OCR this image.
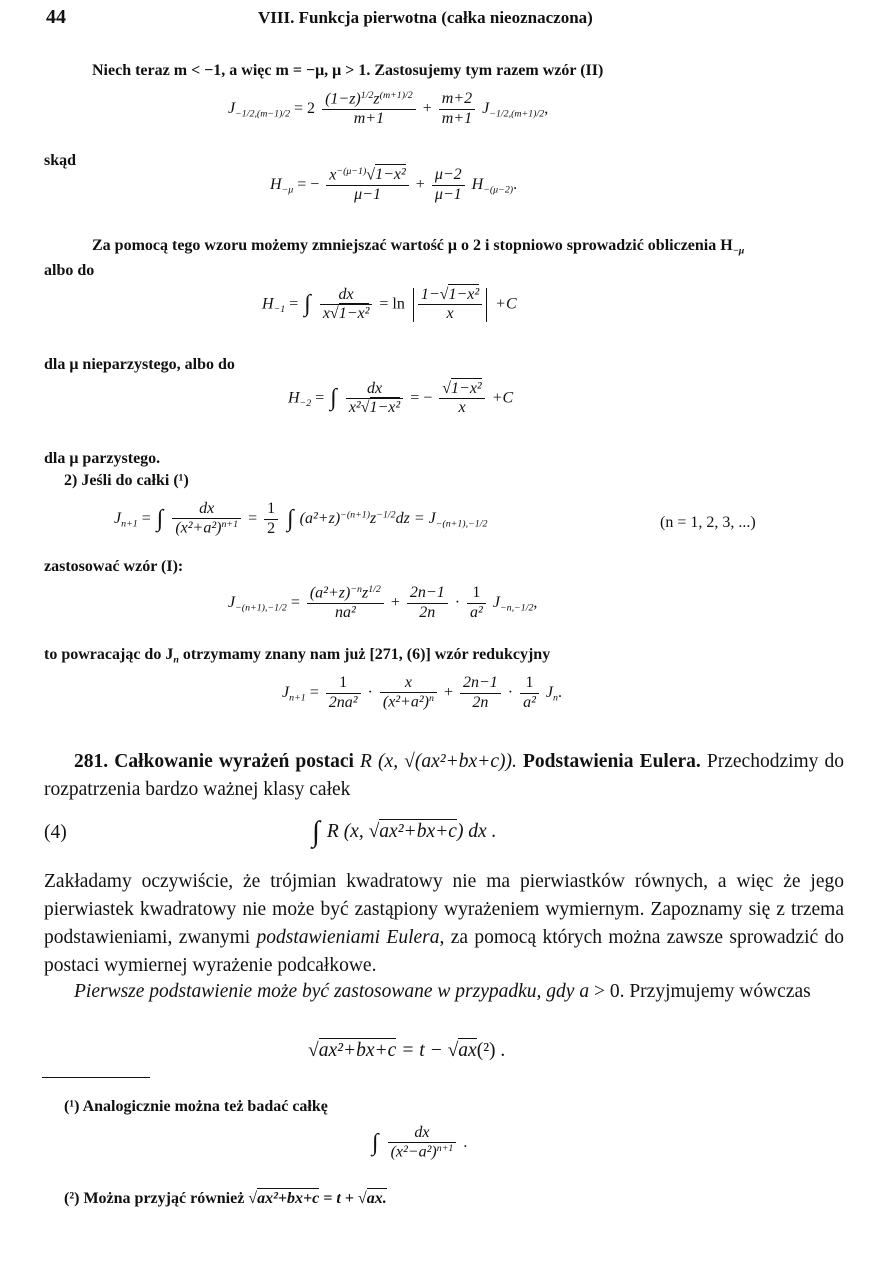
44	VIII. Funkcja pierwotna (całka nieoznaczona)
Niech teraz m < −1, a więc m = −μ, μ > 1. Zastosujemy tym razem wzór (II)
$J_{-1/2,(m-1)/2} = 2 \frac{(1-z)^{1/2}z^{(m+1)/2}}{m+1} + \frac{m+2}{m+1} J_{-1/2,(m+1)/2}$,
skąd
$H_{-\mu}$ = − $\frac{x^{-(\mu-1)}√1-x^2}{\mu-1} + \frac{\mu-2}{\mu-1} H_{-(\mu-2)}$.
Za pomocą tego wzoru możemy zmniejszać wartość μ o 2 i stopniowo sprowadzić obliczenia $H_{-\mu}$
albo do
$H_{-1}$ = ∫ $\frac{dx}{\text{x√1−x²}} = \ln \frac{\text{1−√1−x²}}{x} +C$
dla μ nieparzystego, albo do
$H_{-2}$ = ∫ $\frac{dx}{\text{x²√1−x²}}$ = − $\frac{\text{√1−x²}}{x} +C$
dla μ parzystego.
2) Jeśli do całki (¹)
$J_{n+1}$ = ∫ $\frac{dx}{(x^2+a^2)^{n+1}} = \frac{1}{2}$ ∫ $(a^2+z)^{-(n+1)}z^{-1/2}dz = J_{-(n+1),-1/2}$	(n = 1, 2, 3, ...)
zastosować wzór (I):
$J_{-(n+1),-1/2} = \frac{(a^2+z)^{-n}z^{1/2}}{\text{na²}} + \frac{2n-1}{2n} \cdot \frac{1}{\text{a²}} J_{-n,-1/2}$,
to powracając do $J_n$ otrzymamy znany nam już [271, (6)] wzór redukcyjny
$J_{n+1} = \frac{1}{\text{2na²}} \cdot \frac{x}{(x^2+a^2)^n} + \frac{2n-1}{2n} \cdot \frac{1}{\text{a²}} J_n$.
281. Całkowanie wyrażeń postaci R (x, √(ax²+bx+c)). Podstawienia Eulera. Przechodzimy do rozpatrzenia bardzo ważnej klasy całek
(4)	∫ R (x, √ax²+bx+c) dx .
Zakładamy oczywiście, że trójmian kwadratowy nie ma pierwiastków równych, a więc że jego pierwiastek kwadratowy nie może być zastąpiony wyrażeniem wymiernym. Zapoznamy się z trzema podstawieniami, zwanymi podstawieniami Eulera, za pomocą których można zawsze sprowadzić do postaci wymiernej wyrażenie podcałkowe.
Pierwsze podstawienie może być zastosowane w przypadku, gdy a > 0. Przyjmujemy wówczas
√ax²+bx+c = t − √ax(²) .
(¹) Analogicznie można też badać całkę
∫ $\frac{dx}{(x^2-a^2)^{n+1}}$ .
(²) Można przyjąć również √ax²+bx+c = t + √ax.
